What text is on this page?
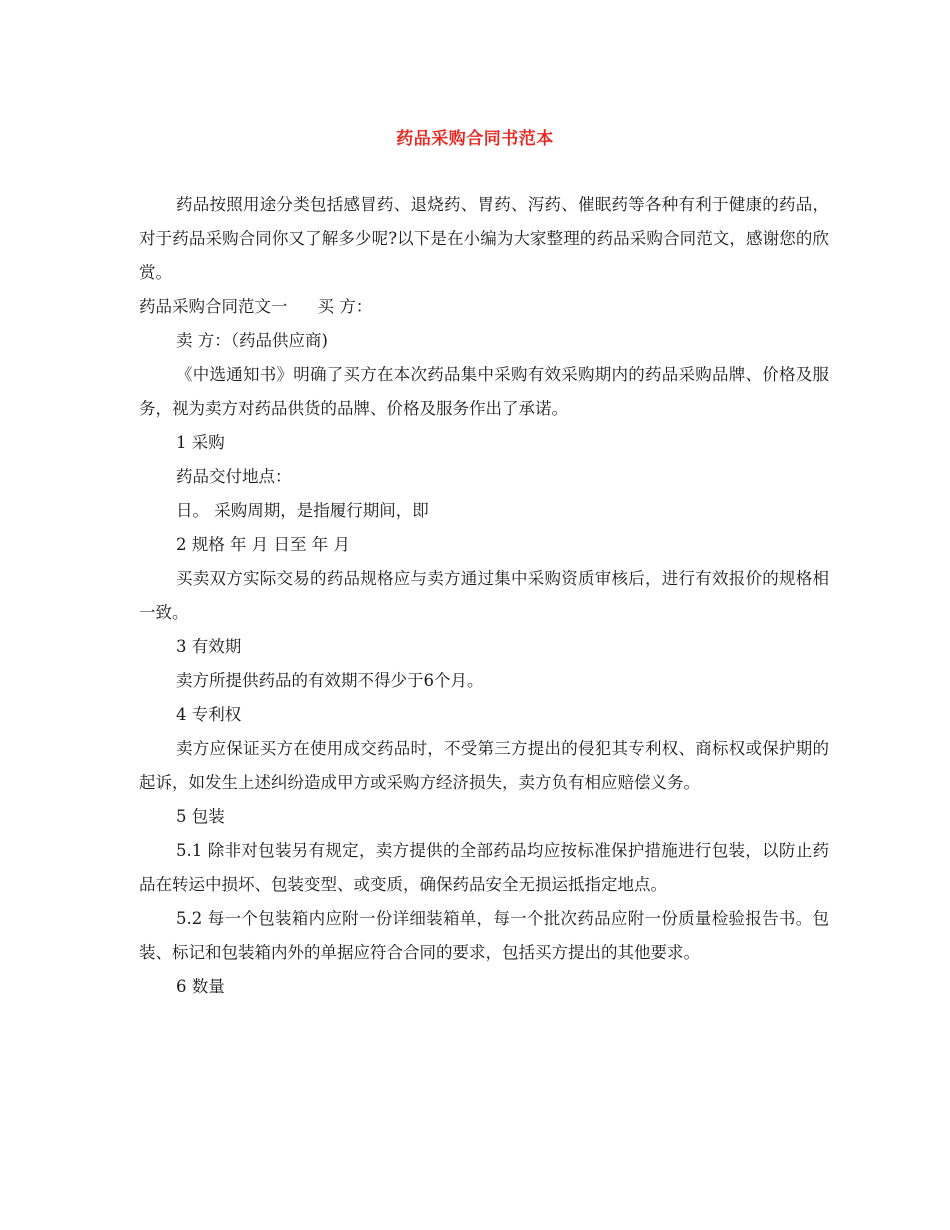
药品采购合同书范本

药品按照用途分类包括感冒药、退烧药、胃药、泻药、催眠药等各种有利于健康的药品，对于药品采购合同你又了解多少呢?以下是在小编为大家整理的药品采购合同范文，感谢您的欣赏。

药品采购合同范文一 买 方：

卖 方：（药品供应商)

《中选通知书》明确了买方在本次药品集中采购有效采购期内的药品采购品牌、价格及服务，视为卖方对药品供货的品牌、价格及服务作出了承诺。

1 采购

药品交付地点：

日。 采购周期，是指履行期间，即

2 规格 年 月 日至 年 月

买卖双方实际交易的药品规格应与卖方通过集中采购资质审核后，进行有效报价的规格相一致。

3 有效期

卖方所提供药品的有效期不得少于6个月。

4 专利权

卖方应保证买方在使用成交药品时，不受第三方提出的侵犯其专利权、商标权或保护期的起诉，如发生上述纠纷造成甲方或采购方经济损失，卖方负有相应赔偿义务。

5 包装

5.1 除非对包装另有规定，卖方提供的全部药品均应按标准保护措施进行包装，以防止药品在转运中损坏、包装变型、或变质，确保药品安全无损运抵指定地点。

5.2 每一个包装箱内应附一份详细装箱单，每一个批次药品应附一份质量检验报告书。包装、标记和包装箱内外的单据应符合合同的要求，包括买方提出的其他要求。

6 数量
